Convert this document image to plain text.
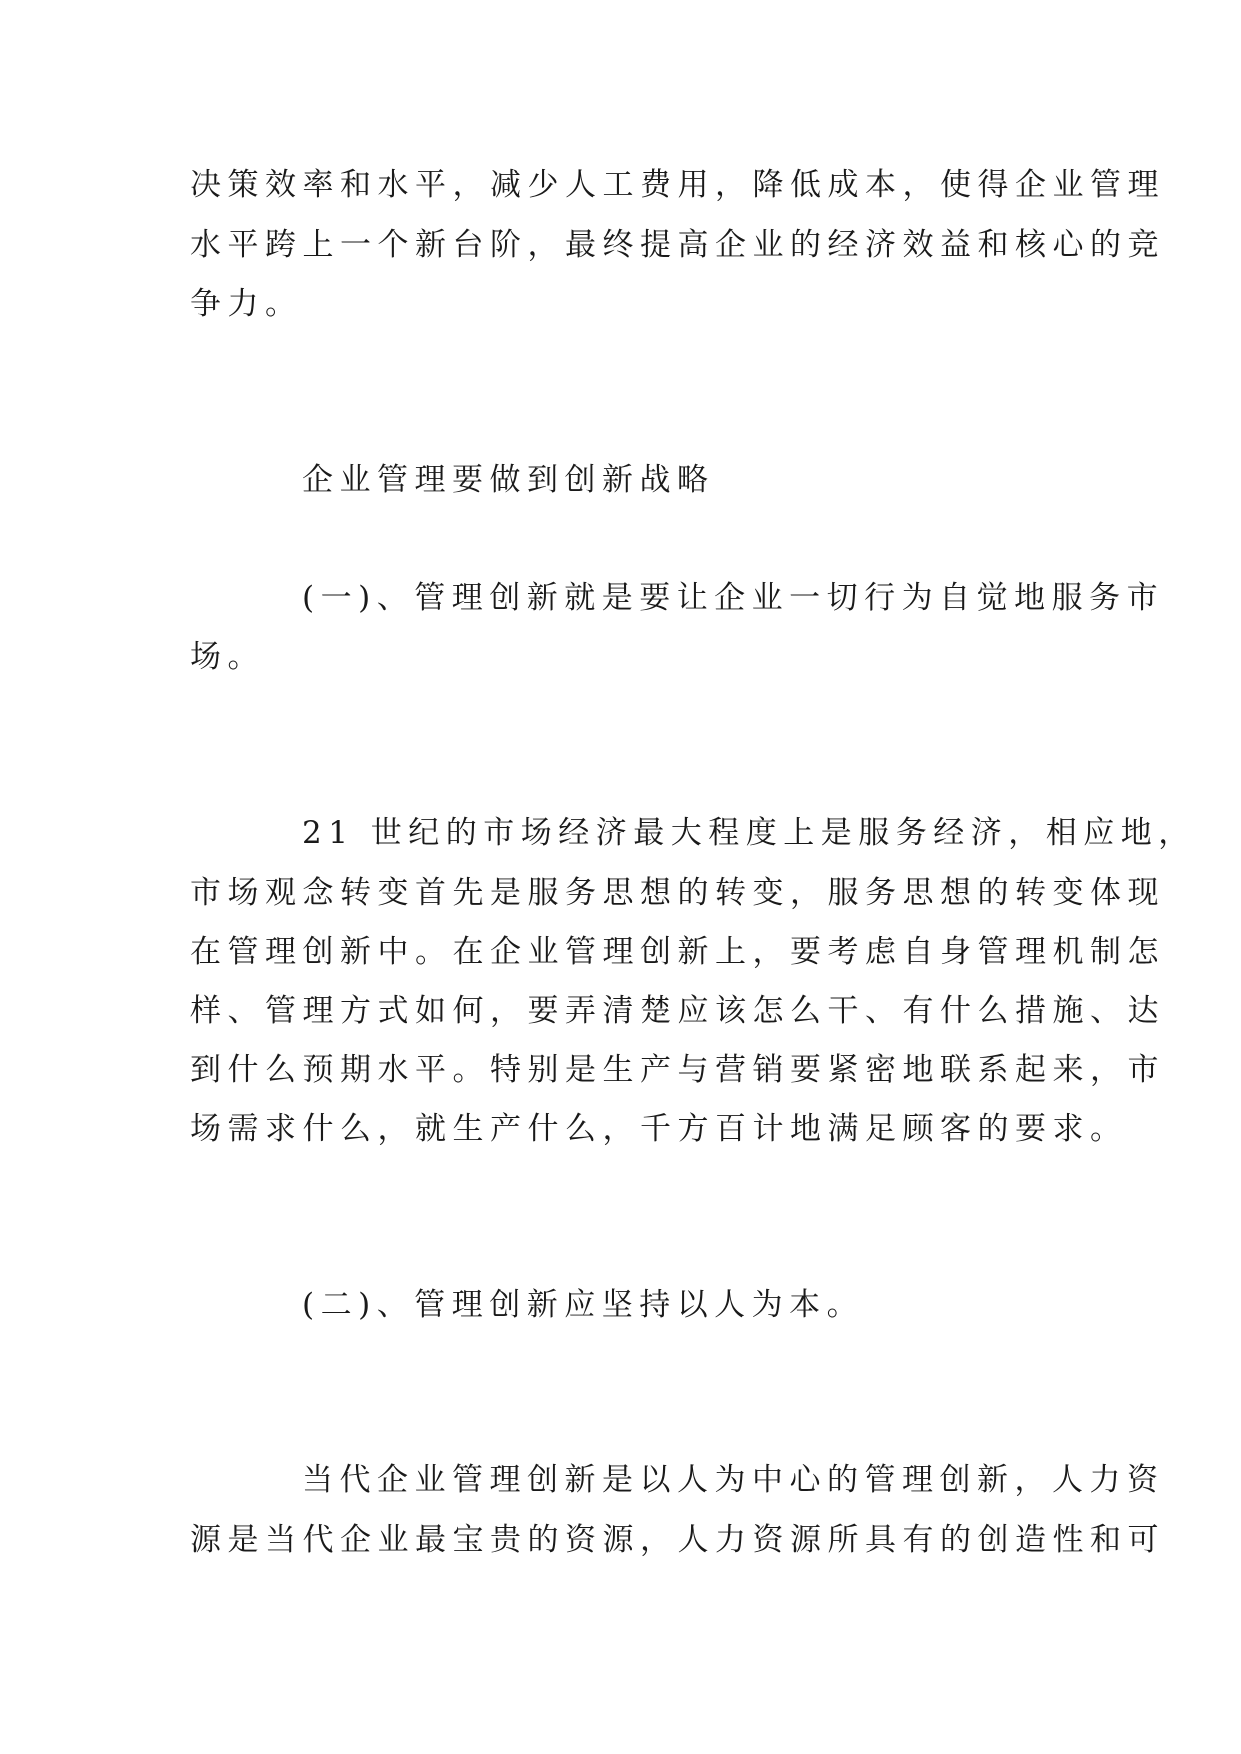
决策效率和水平，减少人工费用，降低成本，使得企业管理
水平跨上一个新台阶，最终提高企业的经济效益和核心的竞
争力。
企业管理要做到创新战略
(一)、管理创新就是要让企业一切行为自觉地服务市
场。
21 世纪的市场经济最大程度上是服务经济，相应地，
市场观念转变首先是服务思想的转变，服务思想的转变体现
在管理创新中。在企业管理创新上，要考虑自身管理机制怎
样、管理方式如何，要弄清楚应该怎么干、有什么措施、达
到什么预期水平。特别是生产与营销要紧密地联系起来，市
场需求什么，就生产什么，千方百计地满足顾客的要求。
(二)、管理创新应坚持以人为本。
当代企业管理创新是以人为中心的管理创新，人力资
源是当代企业最宝贵的资源，人力资源所具有的创造性和可
